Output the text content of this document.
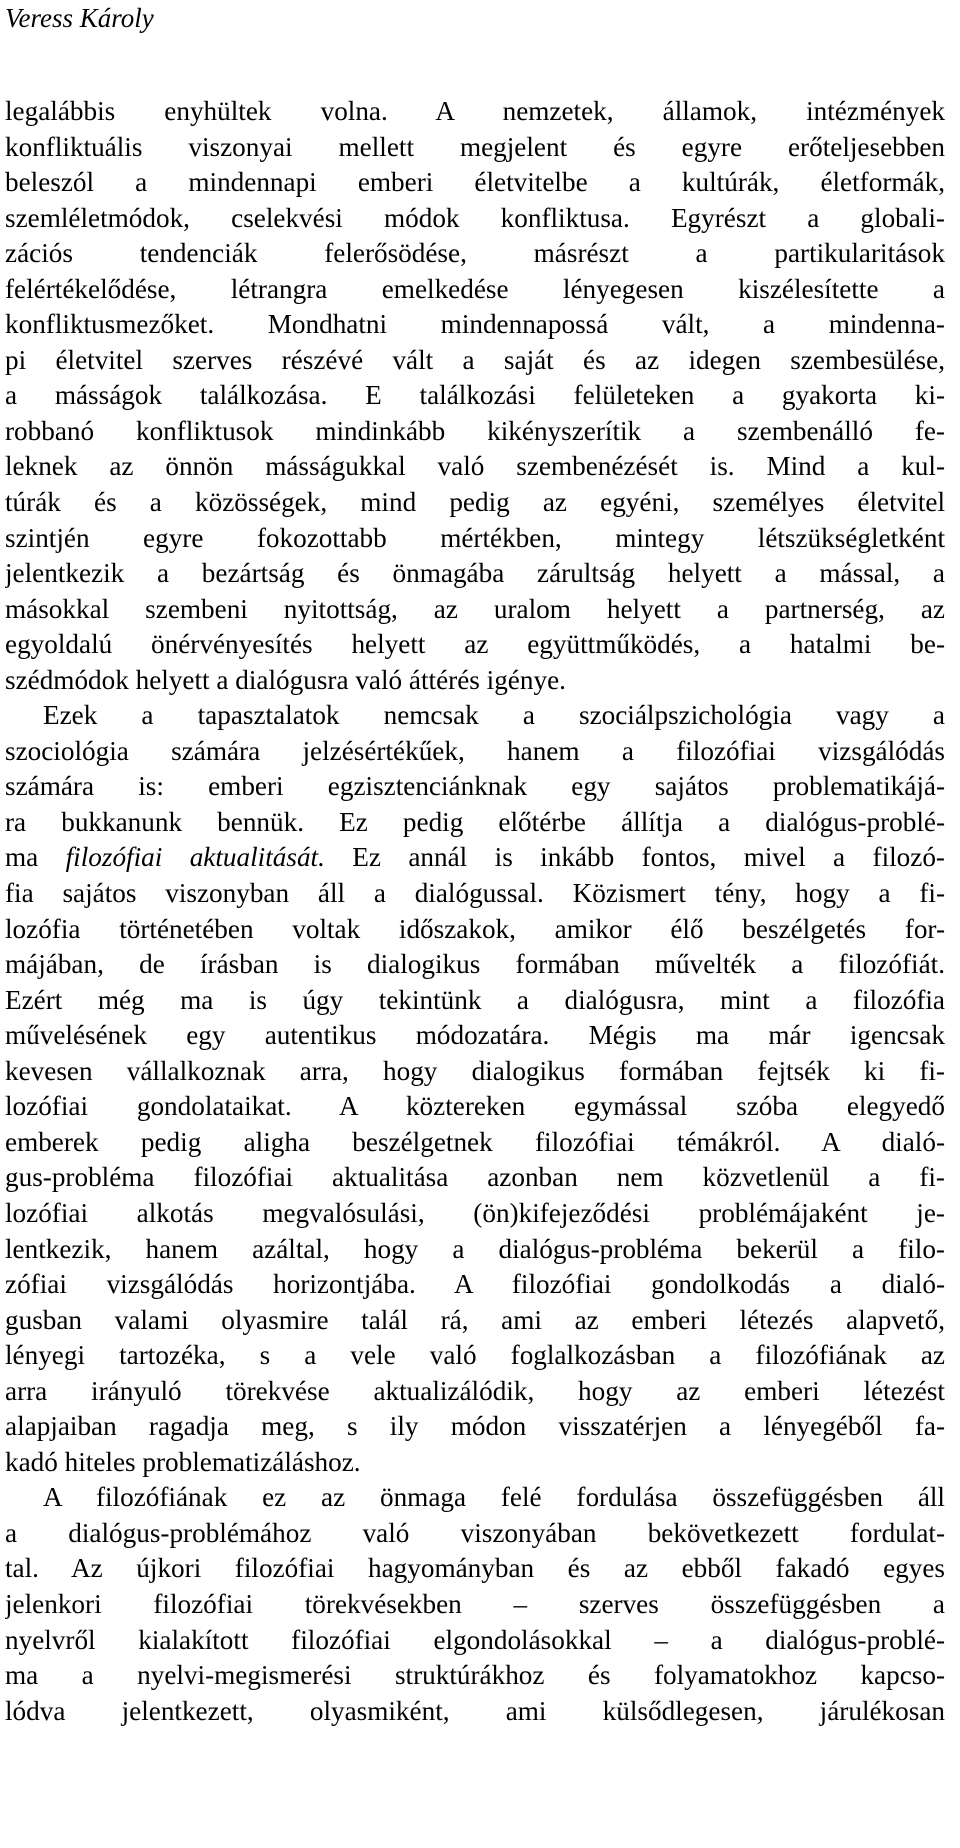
Veress Károly
legalábbis enyhültek volna. A nemzetek, államok, intézmények
konfliktuális viszonyai mellett megjelent és egyre erőteljesebben
beleszól a mindennapi emberi életvitelbe a kultúrák, életformák,
szemléletmódok, cselekvési módok konfliktusa. Egyrészt a globali-
zációs tendenciák felerősödése, másrészt a partikularitások
felértékelődése, létrangra emelkedése lényegesen kiszélesítette a
konfliktusmezőket. Mondhatni mindennapossá vált, a mindenna-
pi életvitel szerves részévé vált a saját és az idegen szembesülése,
a másságok találkozása. E találkozási felületeken a gyakorta ki-
robbanó konfliktusok mindinkább kikényszerítik a szembenálló fe-
leknek az önnön másságukkal való szembenézését is. Mind a kul-
túrák és a közösségek, mind pedig az egyéni, személyes életvitel
szintjén egyre fokozottabb mértékben, mintegy létszükségletként
jelentkezik a bezártság és önmagába zárultság helyett a mással, a
másokkal szembeni nyitottság, az uralom helyett a partnerség, az
egyoldalú önérvényesítés helyett az együttműködés, a hatalmi be-
szédmódok helyett a dialógusra való áttérés igénye.
Ezek a tapasztalatok nemcsak a szociálpszichológia vagy a
szociológia számára jelzésértékűek, hanem a filozófiai vizsgálódás
számára is: emberi egzisztenciánknak egy sajátos problematikájá-
ra bukkanunk bennük. Ez pedig előtérbe állítja a dialógus-problé-
ma filozófiai aktualitását. Ez annál is inkább fontos, mivel a filozó-
fia sajátos viszonyban áll a dialógussal. Közismert tény, hogy a fi-
lozófia történetében voltak időszakok, amikor élő beszélgetés for-
májában, de írásban is dialogikus formában művelték a filozófiát.
Ezért még ma is úgy tekintünk a dialógusra, mint a filozófia
művelésének egy autentikus módozatára. Mégis ma már igencsak
kevesen vállalkoznak arra, hogy dialogikus formában fejtsék ki fi-
lozófiai gondolataikat. A köztereken egymással szóba elegyedő
emberek pedig aligha beszélgetnek filozófiai témákról. A dialó-
gus-probléma filozófiai aktualitása azonban nem közvetlenül a fi-
lozófiai alkotás megvalósulási, (ön)kifejeződési problémájaként je-
lentkezik, hanem azáltal, hogy a dialógus-probléma bekerül a filo-
zófiai vizsgálódás horizontjába. A filozófiai gondolkodás a dialó-
gusban valami olyasmire talál rá, ami az emberi létezés alapvető,
lényegi tartozéka, s a vele való foglalkozásban a filozófiának az
arra irányuló törekvése aktualizálódik, hogy az emberi létezést
alapjaiban ragadja meg, s ily módon visszatérjen a lényegéből fa-
kadó hiteles problematizáláshoz.
A filozófiának ez az önmaga felé fordulása összefüggésben áll
a dialógus-problémához való viszonyában bekövetkezett fordulat-
tal. Az újkori filozófiai hagyományban és az ebből fakadó egyes
jelenkori filozófiai törekvésekben – szerves összefüggésben a
nyelvről kialakított filozófiai elgondolásokkal – a dialógus-problé-
ma a nyelvi-megismerési struktúrákhoz és folyamatokhoz kapcso-
lódva jelentkezett, olyasmiként, ami külsődlegesen, járulékosan
